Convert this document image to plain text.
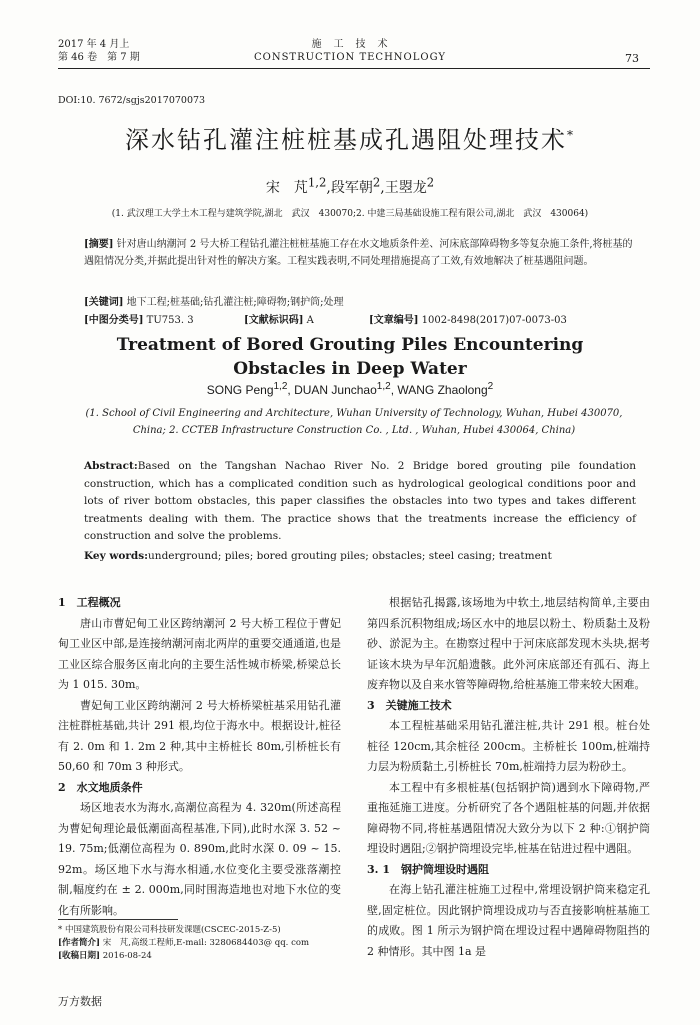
2017 年 4 月上
第 46 卷　第 7 期
施　工　技　术
CONSTRUCTION TECHNOLOGY	73
DOI:10. 7672/sgjs2017070073
深水钻孔灌注桩桩基成孔遇阻处理技术*
宋　芃$^{1,2}$,段军朝$^2$,王曌龙$^2$
(1. 武汉理工大学土木工程与建筑学院,湖北　武汉　430070;2. 中建三局基础设施工程有限公司,湖北　武汉　430064)
[摘要] 针对唐山纳潮河 2 号大桥工程钻孔灌注桩桩基施工存在水文地质条件差、河床底部障碍物多等复杂施工条件,将桩基的遇阻情况分类,并据此提出针对性的解决方案。工程实践表明,不同处理措施提高了工效,有效地解决了桩基遇阻问题。
[关键词] 地下工程;桩基础;钻孔灌注桩;障碍物;钢护筒;处理
[中图分类号] TU753. 3	[文献标识码] A	[文章编号] 1002-8498(2017)07-0073-03
Treatment of Bored Grouting Piles Encountering
Obstacles in Deep Water
SONG Peng$^{1,2}$, DUAN Junchao$^{1,2}$, WANG Zhaolong$^2$
(1. School of Civil Engineering and Architecture, Wuhan University of Technology, Wuhan, Hubei 430070, China; 2. CCTEB Infrastructure Construction Co. , Ltd. , Wuhan, Hubei 430064, China)
Abstract:Based on the Tangshan Nachao River No. 2 Bridge bored grouting pile foundation construction, which has a complicated condition such as hydrological geological conditions poor and lots of river bottom obstacles, this paper classifies the obstacles into two types and takes different treatments dealing with them. The practice shows that the treatments increase the efficiency of construction and solve the problems.
Key words:underground; piles; bored grouting piles; obstacles; steel casing; treatment
1　工程概况

唐山市曹妃甸工业区跨纳潮河 2 号大桥工程位于曹妃甸工业区中部,是连接纳潮河南北两岸的重要交通通道,也是工业区综合服务区南北向的主要生活性城市桥梁,桥梁总长为 1 015. 30m。

曹妃甸工业区跨纳潮河 2 号大桥桥梁桩基采用钻孔灌注桩群桩基础,共计 291 根,均位于海水中。根据设计,桩径有 2. 0m 和 1. 2m 2 种,其中主桥桩长 80m,引桥桩长有 50,60 和 70m 3 种形式。

2　水文地质条件

场区地表水为海水,高潮位高程为 4. 320m(所述高程为曹妃甸理论最低潮面高程基准,下同),此时水深 3. 52 ~ 19. 75m;低潮位高程为 0. 890m,此时水深 0. 09 ~ 15. 92m。场区地下水与海水相通,水位变化主要受涨落潮控制,幅度约在 ± 2. 000m,同时围海造地也对地下水位的变化有所影响。

根据钻孔揭露,该场地为中软土,地层结构简单,主要由第四系沉积物组成;场区水中的地层以粉土、粉质黏土及粉砂、淤泥为主。在勘察过程中于河床底部发现木头块,据考证该木块为早年沉船遗骸。此外河床底部还有孤石、海上废弃物以及自来水管等障碍物,给桩基施工带来较大困难。

3　关键施工技术

本工程桩基础采用钻孔灌注桩,共计 291 根。桩台处桩径 120cm,其余桩径 200cm。主桥桩长 100m,桩端持力层为粉质黏土,引桥桩长 70m,桩端持力层为粉砂土。

本工程中有多根桩基(包括钢护筒)遇到水下障碍物,严重拖延施工进度。分析研究了各个遇阻桩基的问题,并依据障碍物不同,将桩基遇阻情况大致分为以下 2 种:①钢护筒埋设时遇阻;②钢护筒埋设完毕,桩基在钻进过程中遇阻。

3. 1　钢护筒埋设时遇阻

在海上钻孔灌注桩施工过程中,常埋设钢护筒来稳定孔壁,固定桩位。因此钢护筒埋设成功与否直接影响桩基施工的成败。图 1 所示为钢护筒在埋设过程中遇障碍物阻挡的 2 种情形。其中图 1a 是

* 中国建筑股份有限公司科技研发课题(CSCEC-2015-Z-5)
[作者简介] 宋　芃,高级工程师,E-mail: 3280684403@ qq. com
[收稿日期] 2016-08-24
万方数据
